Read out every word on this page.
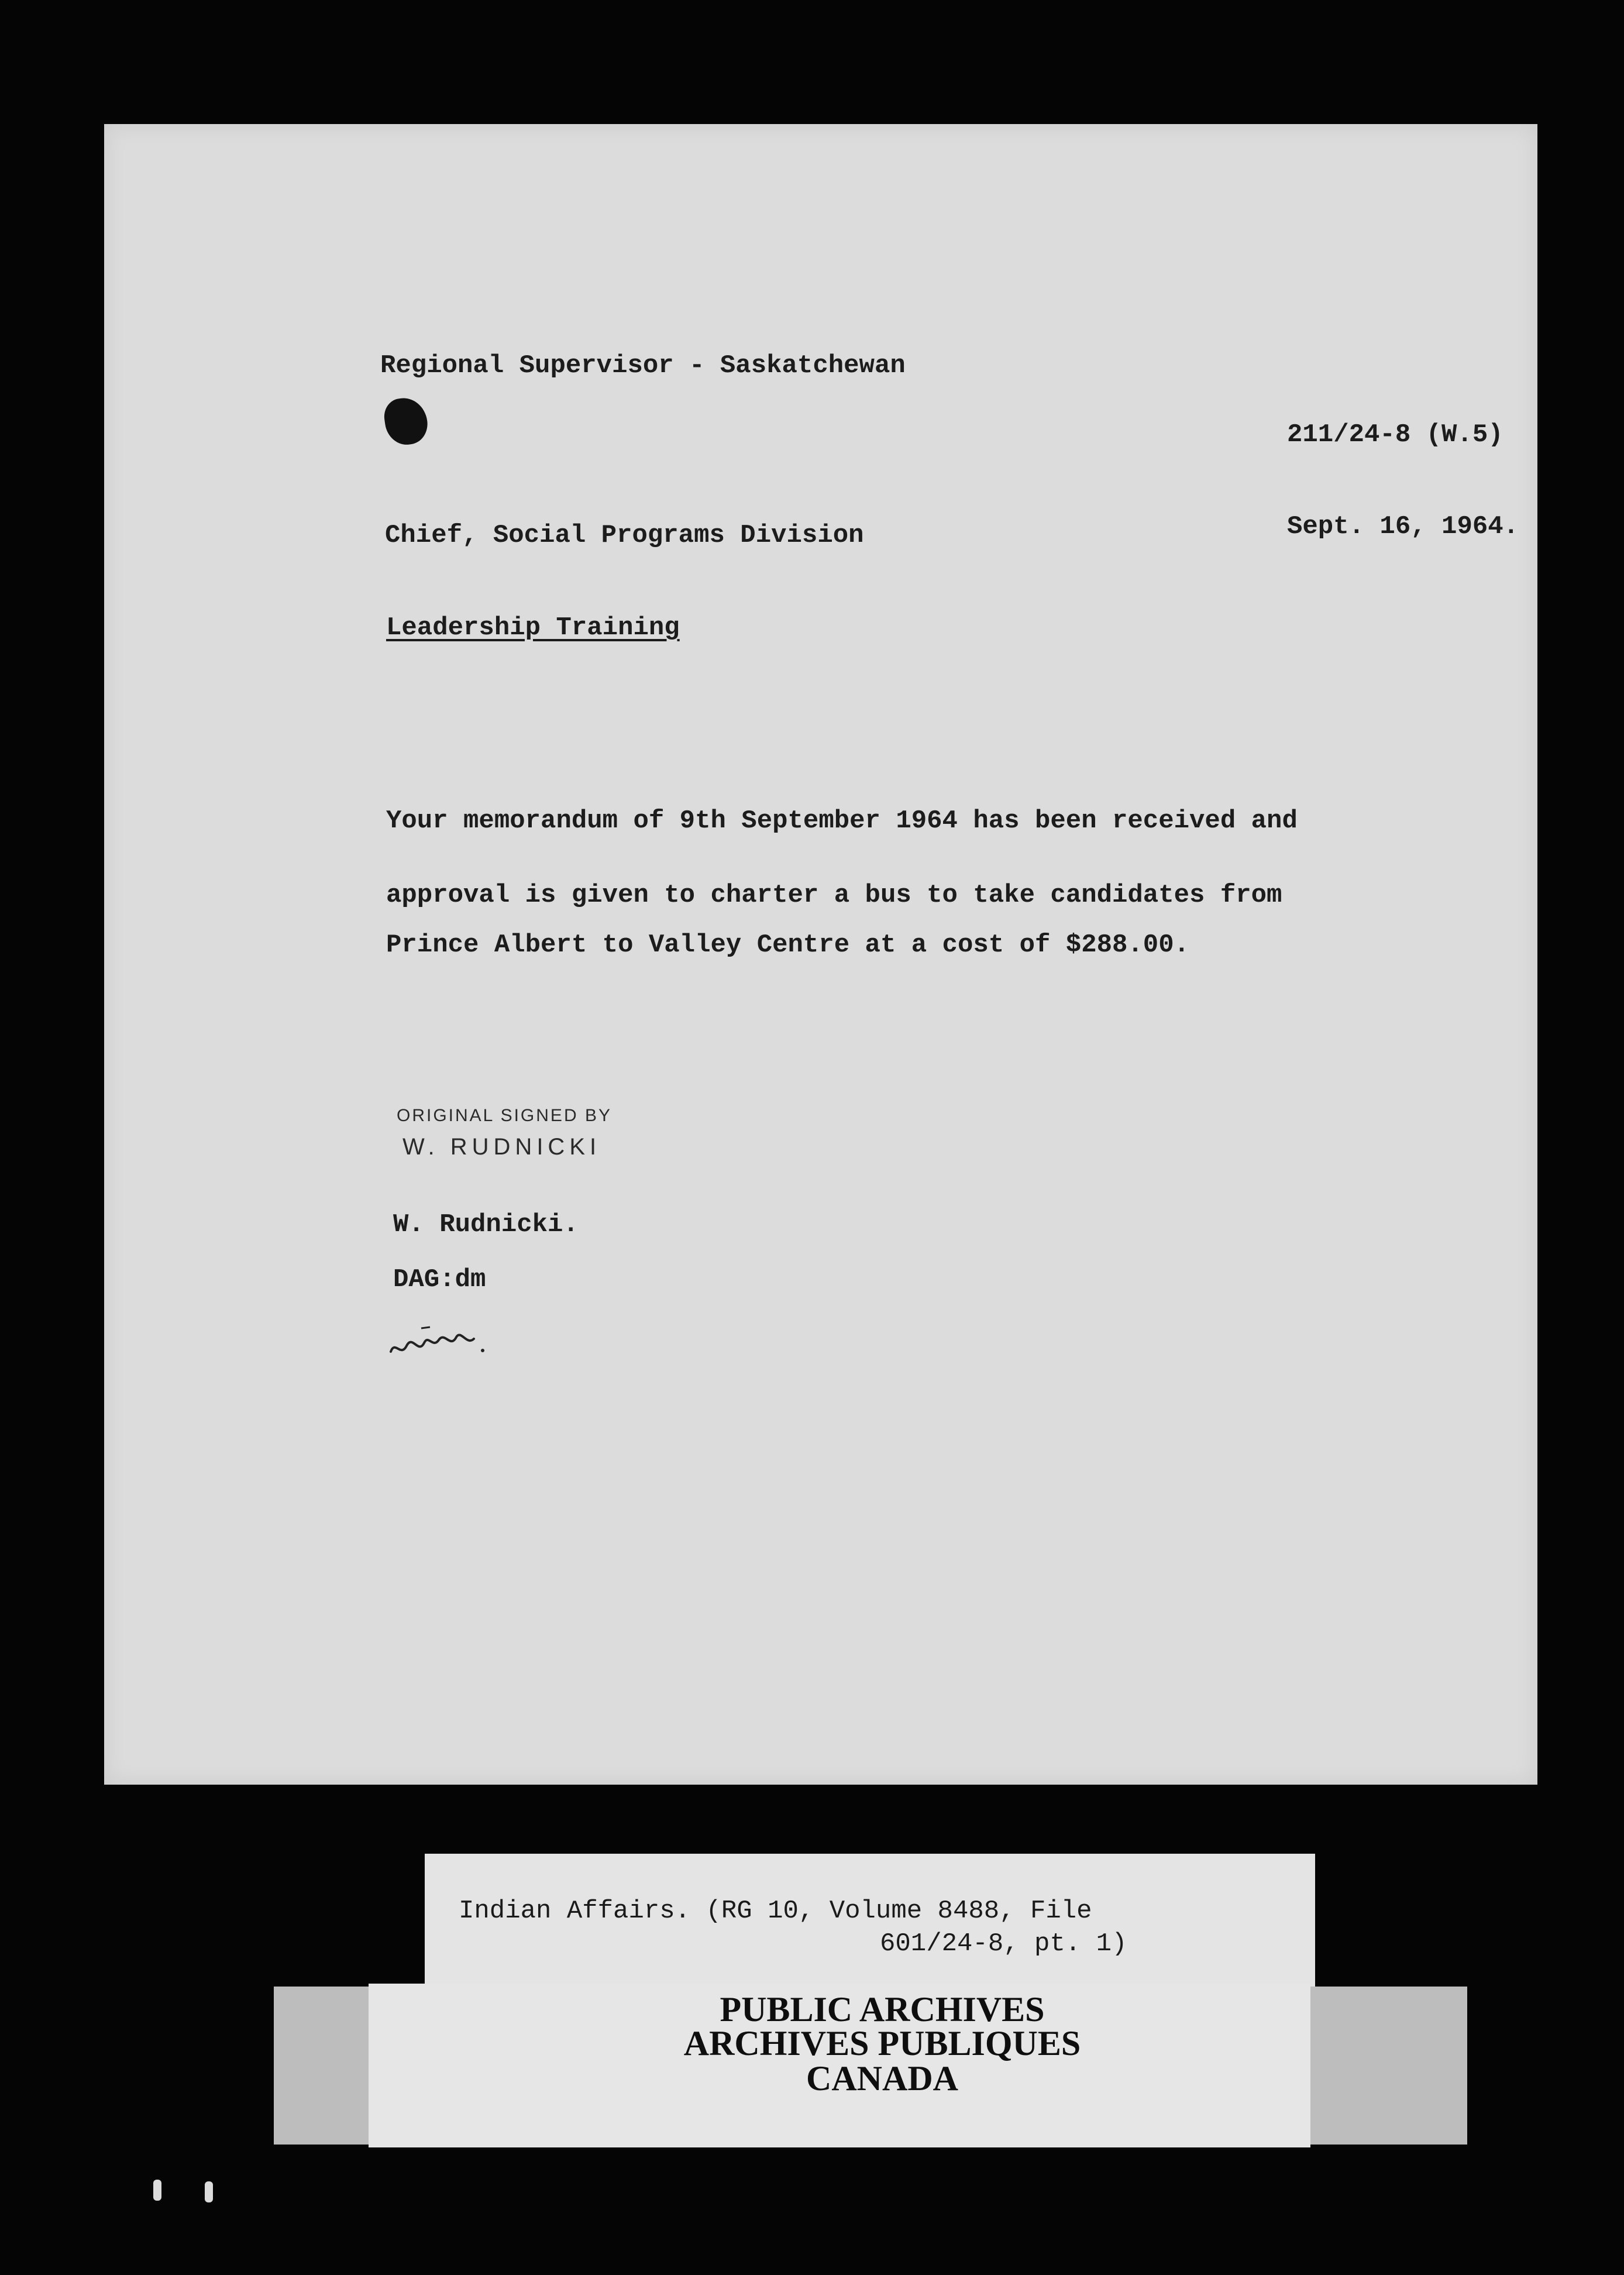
Regional Supervisor - Saskatchewan
211/24-8 (W.5)
Chief, Social Programs Division	Sept. 16, 1964.
Leadership Training
Your memorandum of 9th September 1964 has been received and
approval is given to charter a bus to take candidates from
Prince Albert to Valley Centre at a cost of $288.00.
ORIGINAL SIGNED BY
W. RUDNICKI
W. Rudnicki.
DAG:dm
Indian Affairs. (RG 10, Volume 8488, File
601/24-8, pt. 1)
PUBLIC ARCHIVES
ARCHIVES PUBLIQUES
CANADA
